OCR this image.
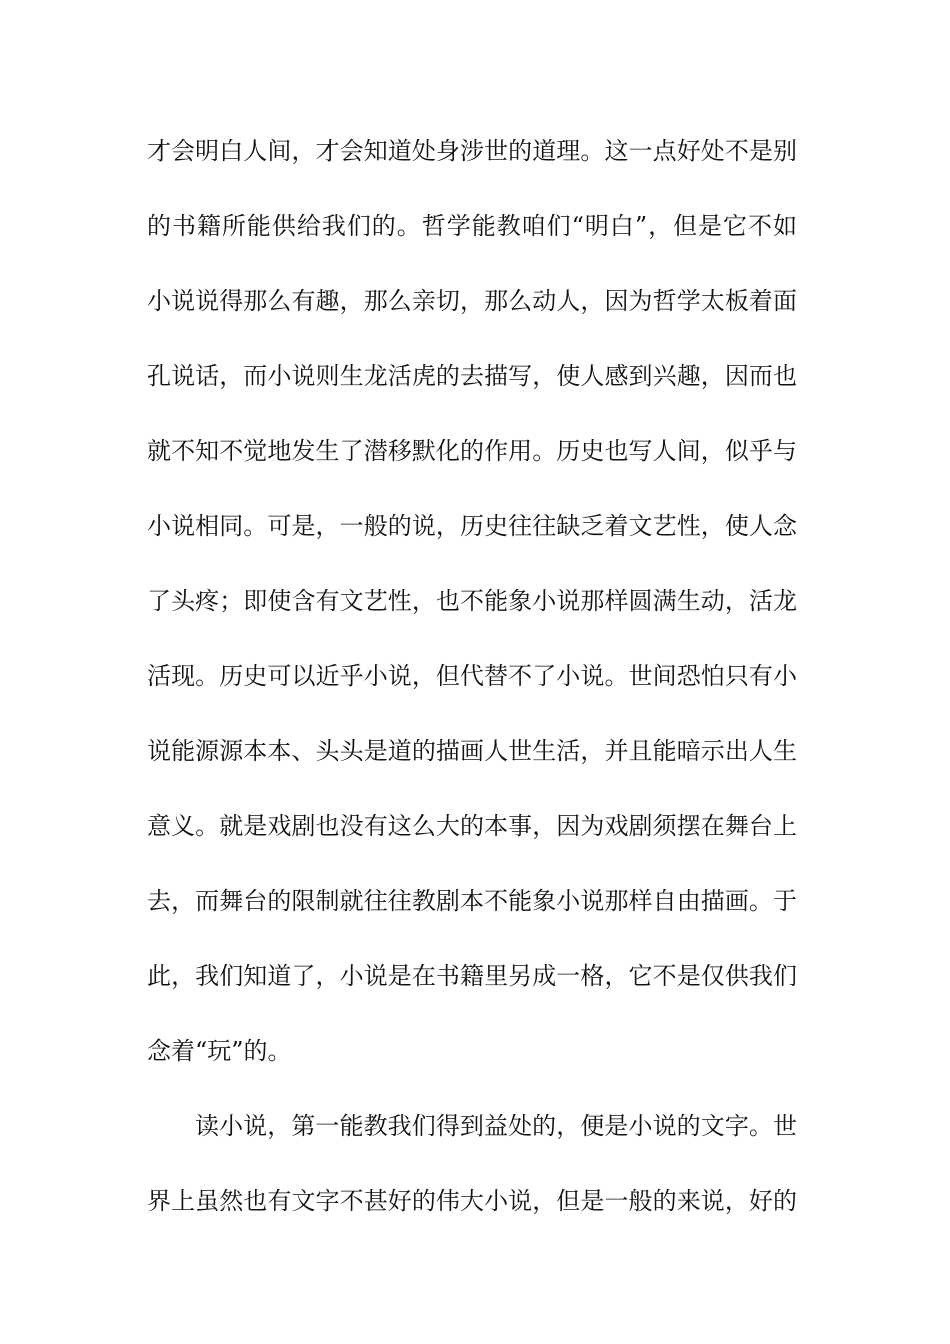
才会明白人间，才会知道处身涉世的道理。这一点好处不是别
的书籍所能供给我们的。哲学能教咱们“明白”，但是它不如
小说说得那么有趣，那么亲切，那么动人，因为哲学太板着面
孔说话，而小说则生龙活虎的去描写，使人感到兴趣，因而也
就不知不觉地发生了潜移默化的作用。历史也写人间，似乎与
小说相同。可是，一般的说，历史往往缺乏着文艺性，使人念
了头疼；即使含有文艺性，也不能象小说那样圆满生动，活龙
活现。历史可以近乎小说，但代替不了小说。世间恐怕只有小
说能源源本本、头头是道的描画人世生活，并且能暗示出人生
意义。就是戏剧也没有这么大的本事，因为戏剧须摆在舞台上
去，而舞台的限制就往往教剧本不能象小说那样自由描画。于
此，我们知道了，小说是在书籍里另成一格，它不是仅供我们
念着“玩”的。
读小说，第一能教我们得到益处的，便是小说的文字。世
界上虽然也有文字不甚好的伟大小说，但是一般的来说，好的
